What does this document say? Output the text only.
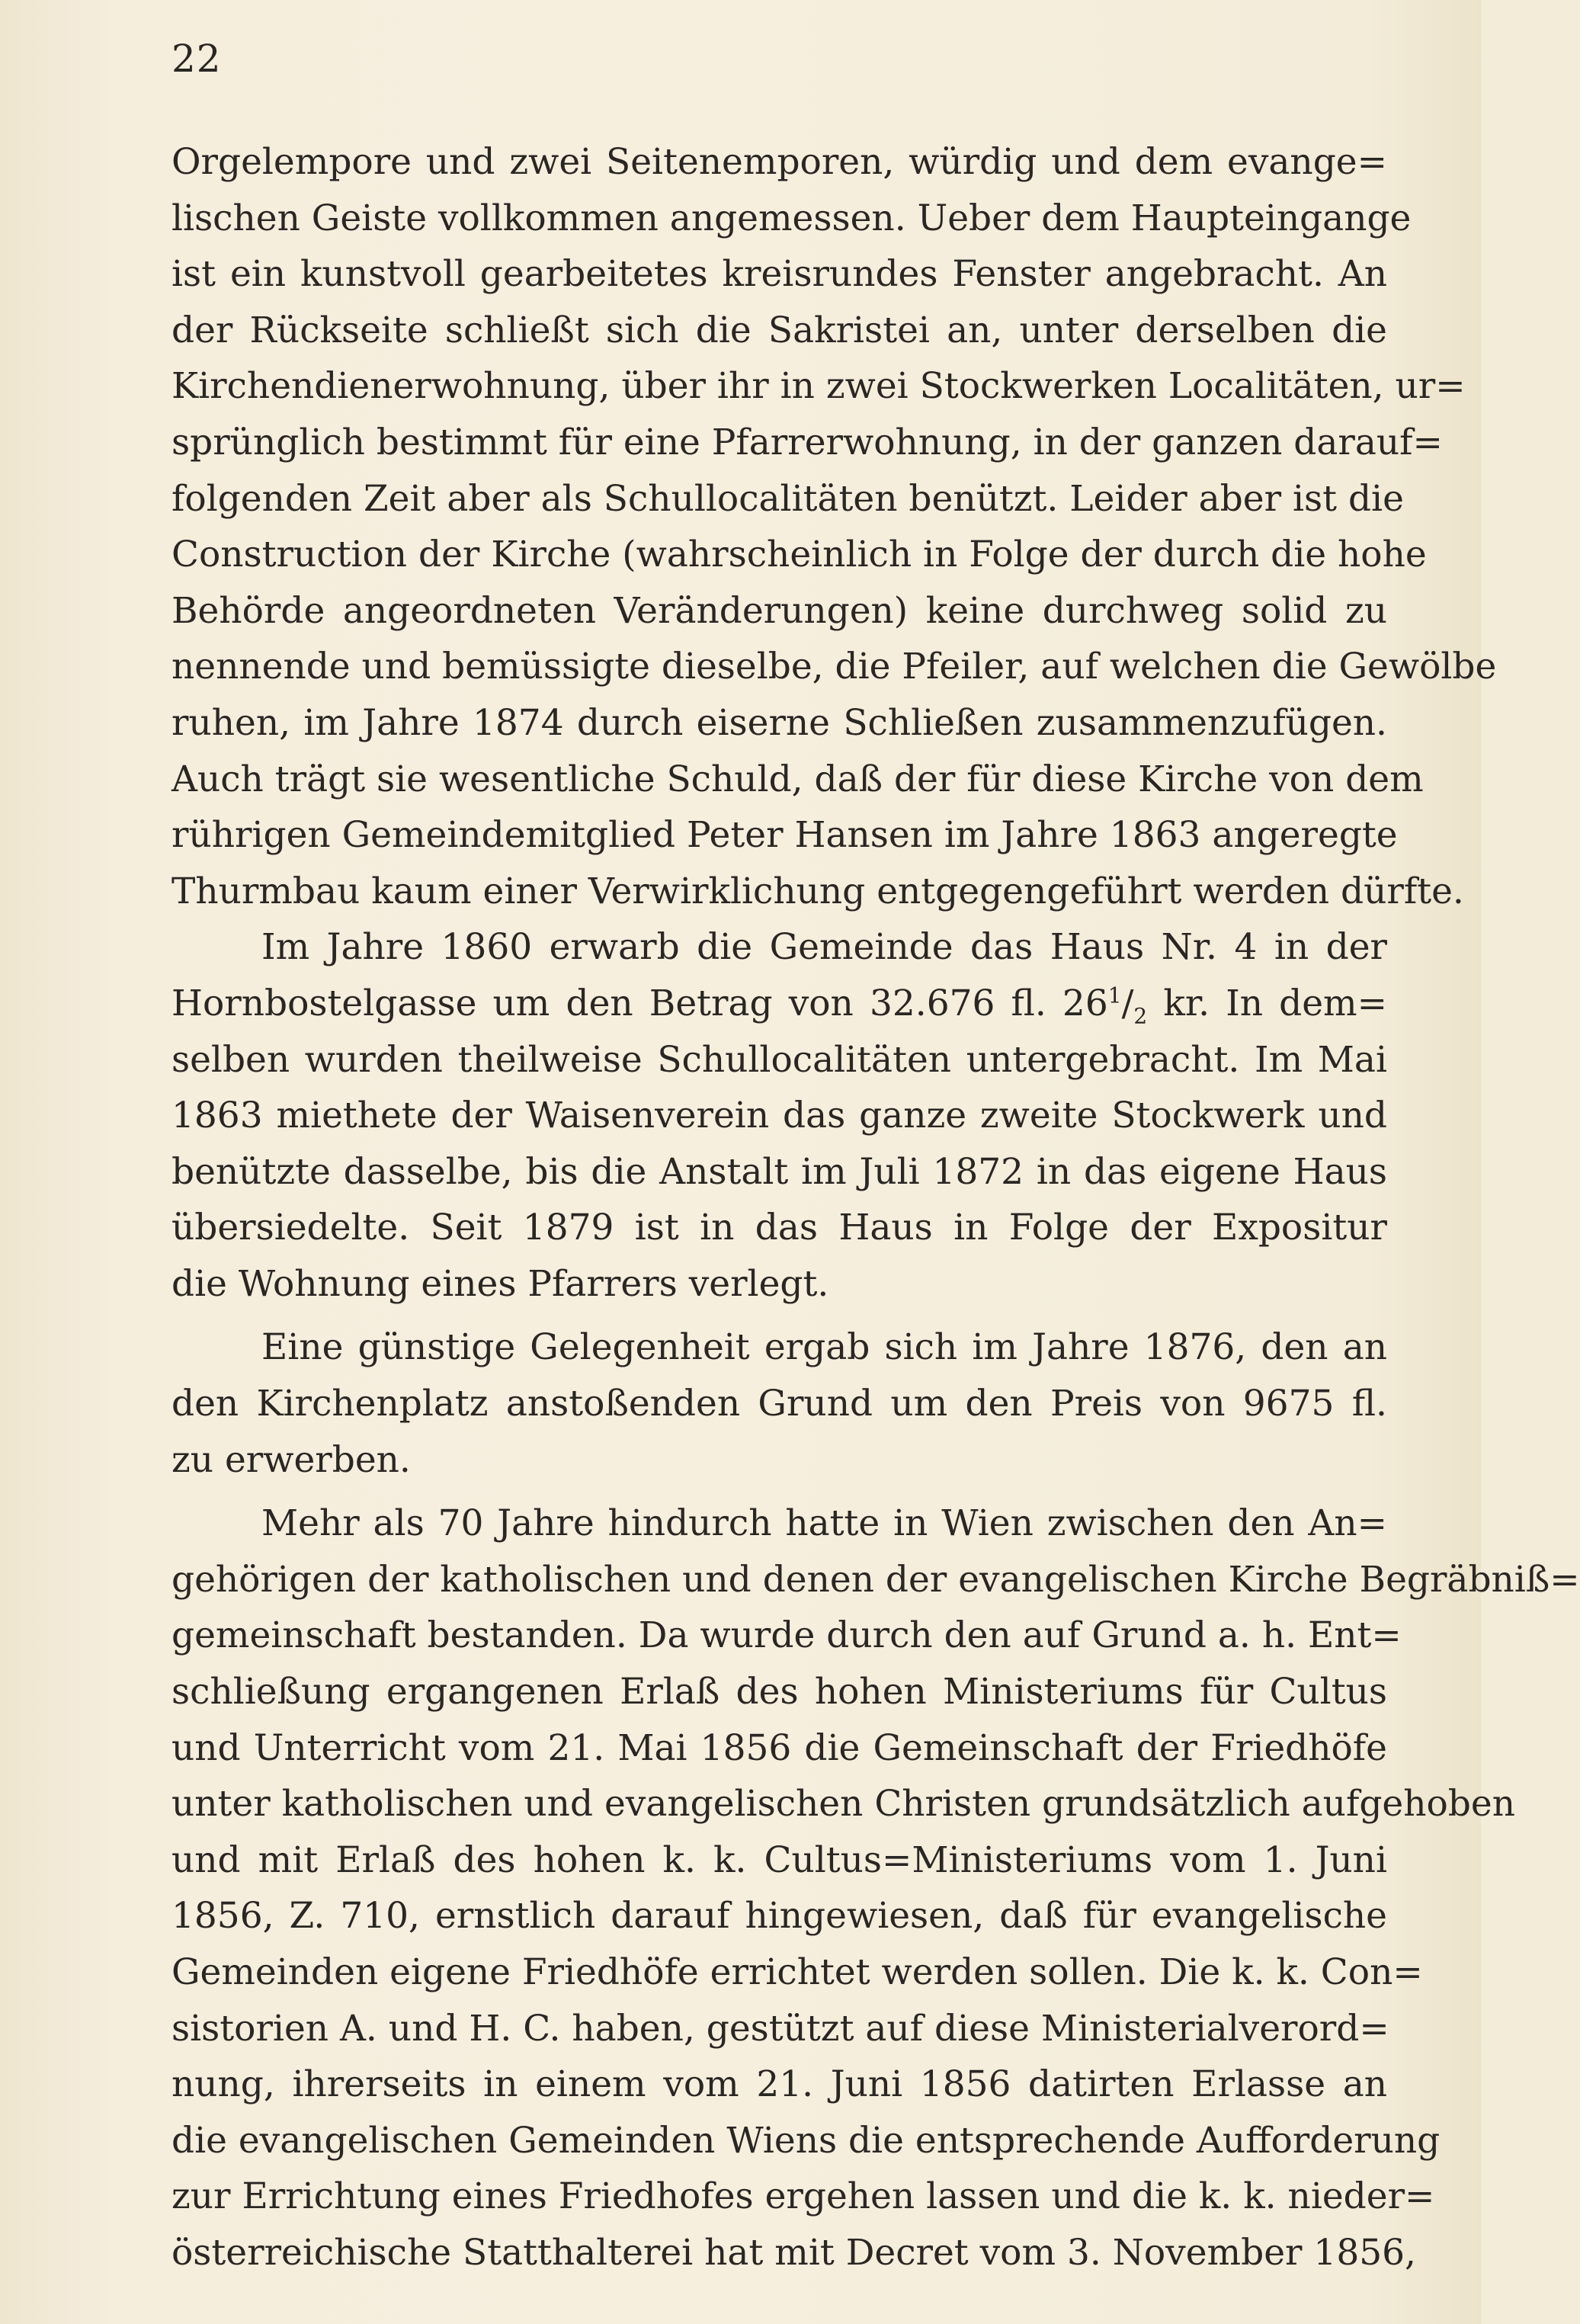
22
Orgelempore und zwei Seitenemporen, würdig und dem evange=
lischen Geiste vollkommen angemessen. Ueber dem Haupteingange
ist ein kunstvoll gearbeitetes kreisrundes Fenster angebracht. An
der Rückseite schließt sich die Sakristei an, unter derselben die
Kirchendienerwohnung, über ihr in zwei Stockwerken Localitäten, ur=
sprünglich bestimmt für eine Pfarrerwohnung, in der ganzen darauf=
folgenden Zeit aber als Schullocalitäten benützt. Leider aber ist die
Construction der Kirche (wahrscheinlich in Folge der durch die hohe
Behörde angeordneten Veränderungen) keine durchweg solid zu
nennende und bemüssigte dieselbe, die Pfeiler, auf welchen die Gewölbe
ruhen, im Jahre 1874 durch eiserne Schließen zusammenzufügen.
Auch trägt sie wesentliche Schuld, daß der für diese Kirche von dem
rührigen Gemeindemitglied Peter Hansen im Jahre 1863 angeregte
Thurmbau kaum einer Verwirklichung entgegengeführt werden dürfte.
Im Jahre 1860 erwarb die Gemeinde das Haus Nr. 4 in der
Hornbostelgasse um den Betrag von 32.676 fl. $26^1/_2$ kr. In dem=
selben wurden theilweise Schullocalitäten untergebracht. Im Mai
1863 miethete der Waisenverein das ganze zweite Stockwerk und
benützte dasselbe, bis die Anstalt im Juli 1872 in das eigene Haus
übersiedelte. Seit 1879 ist in das Haus in Folge der Expositur
die Wohnung eines Pfarrers verlegt.
Eine günstige Gelegenheit ergab sich im Jahre 1876, den an
den Kirchenplatz anstoßenden Grund um den Preis von 9675 fl.
zu erwerben.
Mehr als 70 Jahre hindurch hatte in Wien zwischen den An=
gehörigen der katholischen und denen der evangelischen Kirche Begräbniß=
gemeinschaft bestanden. Da wurde durch den auf Grund a. h. Ent=
schließung ergangenen Erlaß des hohen Ministeriums für Cultus
und Unterricht vom 21. Mai 1856 die Gemeinschaft der Friedhöfe
unter katholischen und evangelischen Christen grundsätzlich aufgehoben
und mit Erlaß des hohen k. k. Cultus=Ministeriums vom 1. Juni
1856, Z. 710, ernstlich darauf hingewiesen, daß für evangelische
Gemeinden eigene Friedhöfe errichtet werden sollen. Die k. k. Con=
sistorien A. und H. C. haben, gestützt auf diese Ministerialverord=
nung, ihrerseits in einem vom 21. Juni 1856 datirten Erlasse an
die evangelischen Gemeinden Wiens die entsprechende Aufforderung
zur Errichtung eines Friedhofes ergehen lassen und die k. k. nieder=
österreichische Statthalterei hat mit Decret vom 3. November 1856,
